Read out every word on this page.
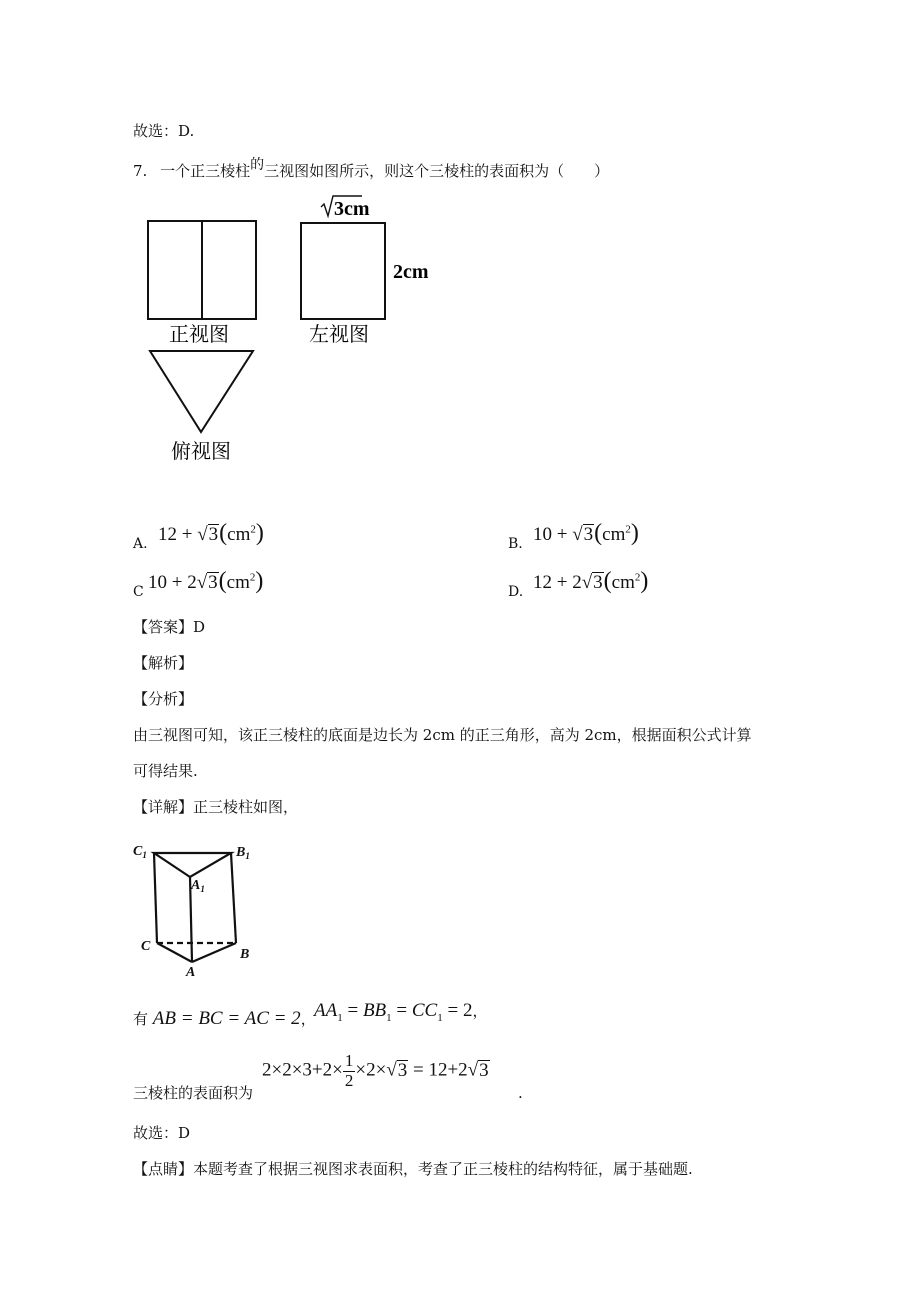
故选：D.
7. 一个正三棱柱的三视图如图所示，则这个三棱柱的表面积为（　　）
3cm
2cm
正视图	左视图
俯视图
A. $12 + √3(cm^2)$	B. $10 + √3(cm^2)$
C $10 + 2√3(cm^2)$	D. $12 + 2√3(cm^2)$
【答案】D
【解析】
【分析】
由三视图可知，该正三棱柱的底面是边长为 2cm 的正三角形，高为 2cm，根据面积公式计算
可得结果.
【详解】正三棱柱如图，
$C_1$	$B_1$
$A_1$
C
B
A
有 AB = BC = AC = 2，
$AA_1 = BB_1 = CC_1 = 2$，
三棱柱的表面积为
$2\times 2\times 3+2\times \frac{1}{2} \times 2\times√3 = 12+2√3$
.
故选：D
【点睛】本题考查了根据三视图求表面积，考查了正三棱柱的结构特征，属于基础题.
